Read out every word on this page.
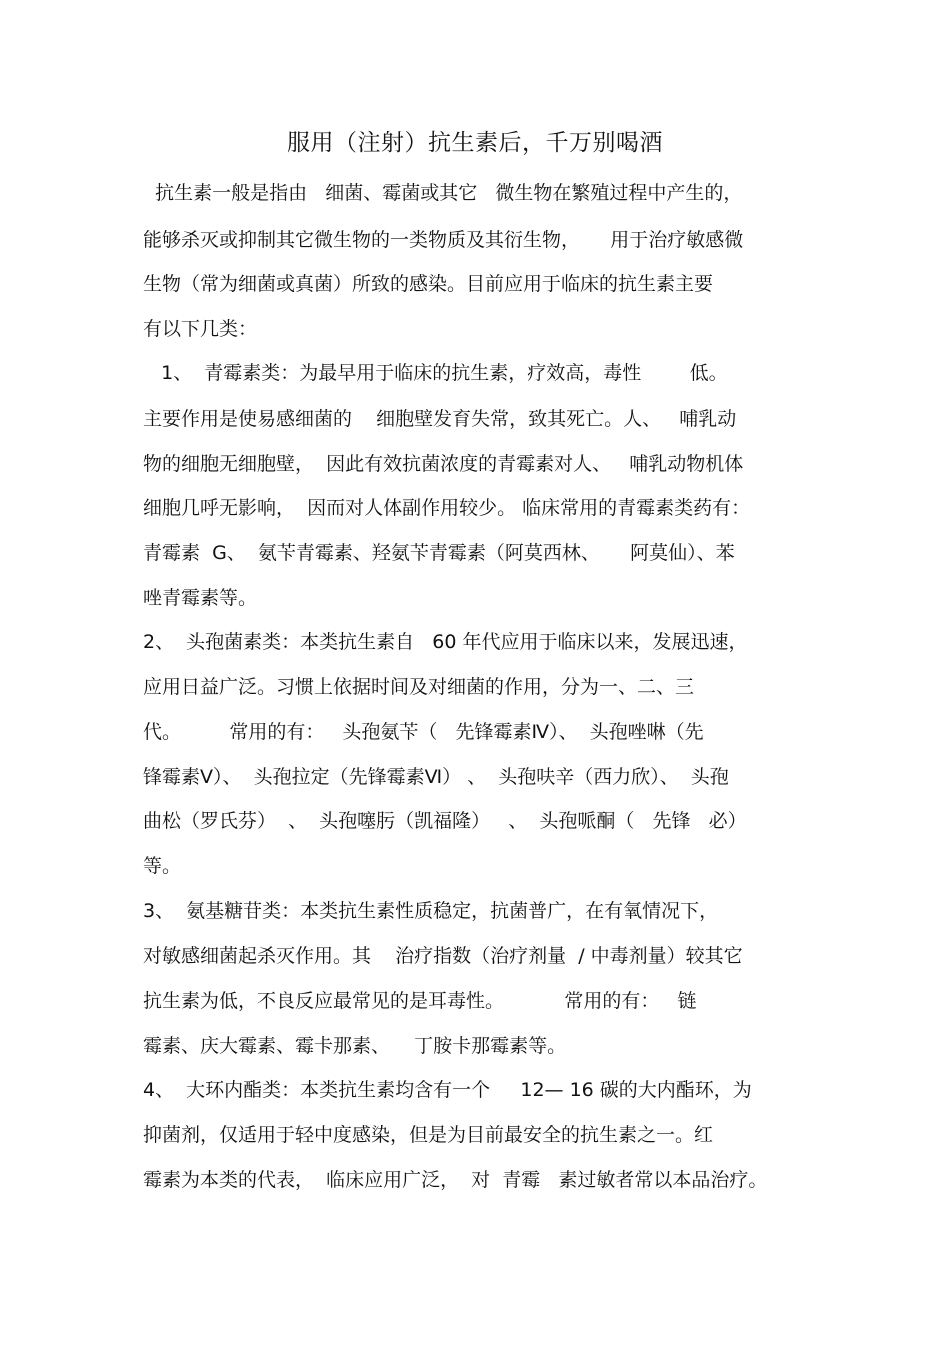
服用（注射）抗生素后，千万别喝酒
抗生素一般是指由   细菌、霉菌或其它   微生物在繁殖过程中产生的，
能够杀灭或抑制其它微生物的一类物质及其衍生物，     用于治疗敏感微
生物（常为细菌或真菌）所致的感染。目前应用于临床的抗生素主要
有以下几类：
1、  青霉素类：为最早用于临床的抗生素，疗效高，毒性        低。
主要作用是使易感细菌的    细胞壁发育失常，致其死亡。人、   哺乳动
物的细胞无细胞壁，  因此有效抗菌浓度的青霉素对人、   哺乳动物机体
细胞几呼无影响，  因而对人体副作用较少。 临床常用的青霉素类药有：
青霉素  G、  氨苄青霉素、羟氨苄青霉素（阿莫西林、     阿莫仙）、苯
唑青霉素等。
2、  头孢菌素类：本类抗生素自   60 年代应用于临床以来，发展迅速，
应用日益广泛。习惯上依据时间及对细菌的作用，分为一、二、三
代。        常用的有：   头孢氨苄（   先锋霉素Ⅳ）、  头孢唑啉（先
锋霉素Ⅴ）、  头孢拉定（先锋霉素Ⅵ） 、  头孢呋辛（西力欣）、  头孢
曲松（罗氏芬）  、  头孢噻肟（凯福隆）   、  头孢哌酮（   先锋   必）
等。
3、  氨基糖苷类：本类抗生素性质稳定，抗菌普广，在有氧情况下，
对敏感细菌起杀灭作用。其    治疗指数（治疗剂量  / 中毒剂量）较其它
抗生素为低，不良反应最常见的是耳毒性。          常用的有：   链
霉素、庆大霉素、霉卡那素、    丁胺卡那霉素等。
4、  大环内酯类：本类抗生素均含有一个     12— 16 碳的大内酯环，为
抑菌剂，仅适用于轻中度感染，但是为目前最安全的抗生素之一。红
霉素为本类的代表，  临床应用广泛，  对  青霉   素过敏者常以本品治疗。
